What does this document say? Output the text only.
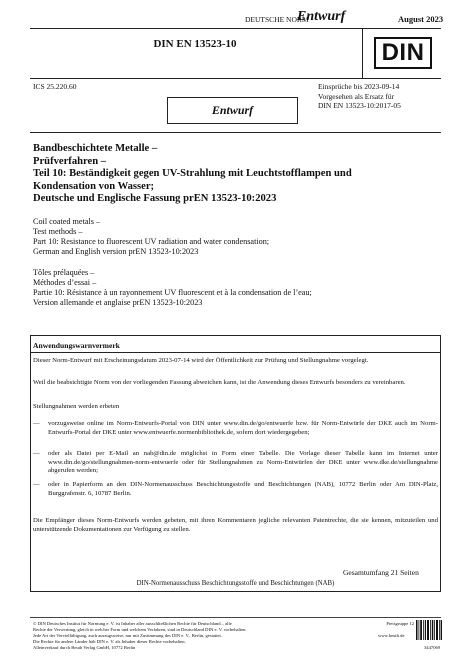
DEUTSCHE NORM
Entwurf	August 2023
DIN EN 13523-10	DIN
ICS 25.220.60	Einsprüche bis 2023-09-14
Vorgesehen als Ersatz für
DIN EN 13523-10:2017-05
Entwurf
Bandbeschichtete Metalle –
Prüfverfahren –
Teil 10: Beständigkeit gegen UV-Strahlung mit Leuchtstofflampen und
Kondensation von Wasser;
Deutsche und Englische Fassung prEN 13523-10:2023
Coil coated metals –
Test methods –
Part 10: Resistance to fluorescent UV radiation and water condensation;
German and English version prEN 13523-10:2023
Tôles prélaquées –
Méthodes d’essai –
Partie 10: Résistance à un rayonnement UV fluorescent et à la condensation de l’eau;
Version allemande et anglaise prEN 13523-10:2023
Anwendungswarnvermerk
Dieser Norm-Entwurf mit Erscheinungsdatum 2023-07-14 wird der Öffentlichkeit zur Prüfung und Stellungnahme vorgelegt.
Weil die beabsichtigte Norm von der vorliegenden Fassung abweichen kann, ist die Anwendung dieses Entwurfs besonders zu vereinbaren.
Stellungnahmen werden erbeten
— vorzugsweise online im Norm-Entwurfs-Portal von DIN unter www.din.de/go/entwuerfe bzw. für Norm-Entwürfe der DKE auch im Norm-Entwurfs-Portal der DKE unter www.entwuerfe.normenbibliothek.de, sofern dort wiedergegeben;
— oder als Datei per E-Mail an nab@din.de möglichst in Form einer Tabelle. Die Vorlage dieser Tabelle kann im Internet unter www.din.de/go/stellungnahmen-norm-entwuerfe oder für Stellungnahmen zu Norm-Entwürfen der DKE unter www.dke.de/stellungnahme abgerufen werden;
— oder in Papierform an den DIN-Normenausschuss Beschichtungsstoffe und Beschichtungen (NAB), 10772 Berlin oder Am DIN-Platz, Burggrafenstr. 6, 10787 Berlin.
Die Empfänger dieses Norm-Entwurfs werden gebeten, mit ihren Kommentaren jegliche relevanten Patentrechte, die sie kennen, mitzuteilen und unterstützende Dokumentationen zur Verfügung zu stellen.
Gesamtumfang 21 Seiten
DIN-Normenausschuss Beschichtungsstoffe und Beschichtungen (NAB)
© DIN Deutsches Institut für Normung e. V. ist Inhaber aller ausschließlichen Rechte für Deutschland – alle
Rechte der Verwertung, gleich in welcher Form und welchem Verfahren, sind in Deutschland DIN e. V. vorbehalten.
Jede Art der Vervielfältigung, auch auszugsweise, nur mit Zustimmung des DIN e. V., Berlin, gestattet.
Die Rechte für andere Länder hält DIN e. V. als Inhaber dieser Rechte vorbehalten.
Alleinverkauf durch Beuth Verlag GmbH, 10772 Berlin
Preisgruppe 12
www.beuth.de
3447069
